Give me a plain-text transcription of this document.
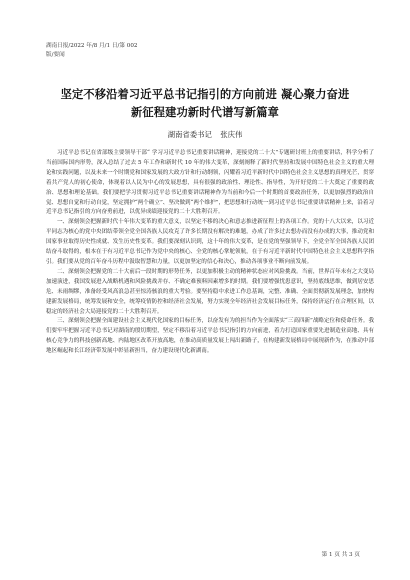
湖南日报/2022 年/8 月/1 日/第 002
版/要闻
坚定不移沿着习近平总书记指引的方向前进 凝心聚力奋进
新征程建功新时代谱写新篇章
湖南省委书记 张庆伟

习近平总书记在省部级主要领导干部“ 学习习近平总书记重要讲话精神，迎接党的二十大”专题研讨班上的重要讲话，科学分析了当前国际国内形势，深入总结了过去 5 年工作和新时代 10 年的伟大变革，深刻阐释了新时代坚持和发展中国特色社会主义的重大理论和实践问题，以及未来一个时期党和国家发展的大政方针和行动纲领，闪耀着习近平新时代中国特色社会主义思想的真理光芒，贯穿着共产党人的初心使命，体现着以人民为中心的发展思想，具有很强的政治性、理论性、指导性，为开好党的二十大奠定了重要的政治、思想和理论基础。我们要把学习贯彻习近平总书记重要讲话精神作为当前和今后一个时期的首要政治任务，以更加强烈的政治自觉、思想自觉和行动自觉，坚定拥护“两个确立”、坚决做到“两个维护”，把思想和行动统一到习近平总书记重要讲话精神上来，沿着习近平总书记指引的方向奋勇前进，以优异成绩迎接党的二十大胜利召开。

一、深刻领会把握新时代十年伟大变革的重大意义，以坚定不移的决心和意志推进新征程上的各项工作。党的十八大以来，以习近平同志为核心的党中央团结带领全党全国各族人民攻克了许多长期没有解决的难题，办成了许多过去想办而没有办成的大事，推动党和国家事业取得历史性成就、发生历史性变革。我们要深刻认识到，这十年的伟大变革，是在党的坚强领导下，全党全军全国各族人民团结奋斗取得的，根本在于有习近平总书记作为党中央的核心、全党的核心掌舵领航，在于有习近平新时代中国特色社会主义思想科学指引。我们要从党的百年奋斗历程中汲取智慧和力量，以更加坚定的信心和决心，推动各项事业不断向前发展。

二、深刻领会把握党的二十大前后一段时期的形势任务，以更加积极主动的精神状态应对风险挑战。当前，世界百年未有之大变局加速演进，我国发展进入战略机遇和风险挑战并存、不确定难预料因素增多的时期。我们要增强忧患意识，坚持底线思维，做到居安思危、未雨绸缪，准备经受风高浪急甚至惊涛骇浪的重大考验。要坚持稳中求进工作总基调，完整、准确、全面贯彻新发展理念，加快构建新发展格局，统筹发展和安全，统筹疫情防控和经济社会发展，努力实现全年经济社会发展目标任务，保持经济运行在合理区间，以稳定的经济社会大局迎接党的二十大胜利召开。

三、深刻领会把握全面建设社会主义现代化国家的目标任务，以奋发有为的担当作为全面落实“三高四新”战略定位和使命任务。我们要牢牢把握习近平总书记对湖南的殷切期望，坚定不移沿着习近平总书记指引的方向前进，着力打造国家重要先进制造业高地、具有核心竞争力的科技创新高地、内陆地区改革开放高地，在推动高质量发展上闯出新路子，在构建新发展格局中展现新作为，在推动中部地区崛起和长江经济带发展中彰显新担当，奋力建设现代化新湖南。

第 1 页 共 3 页
